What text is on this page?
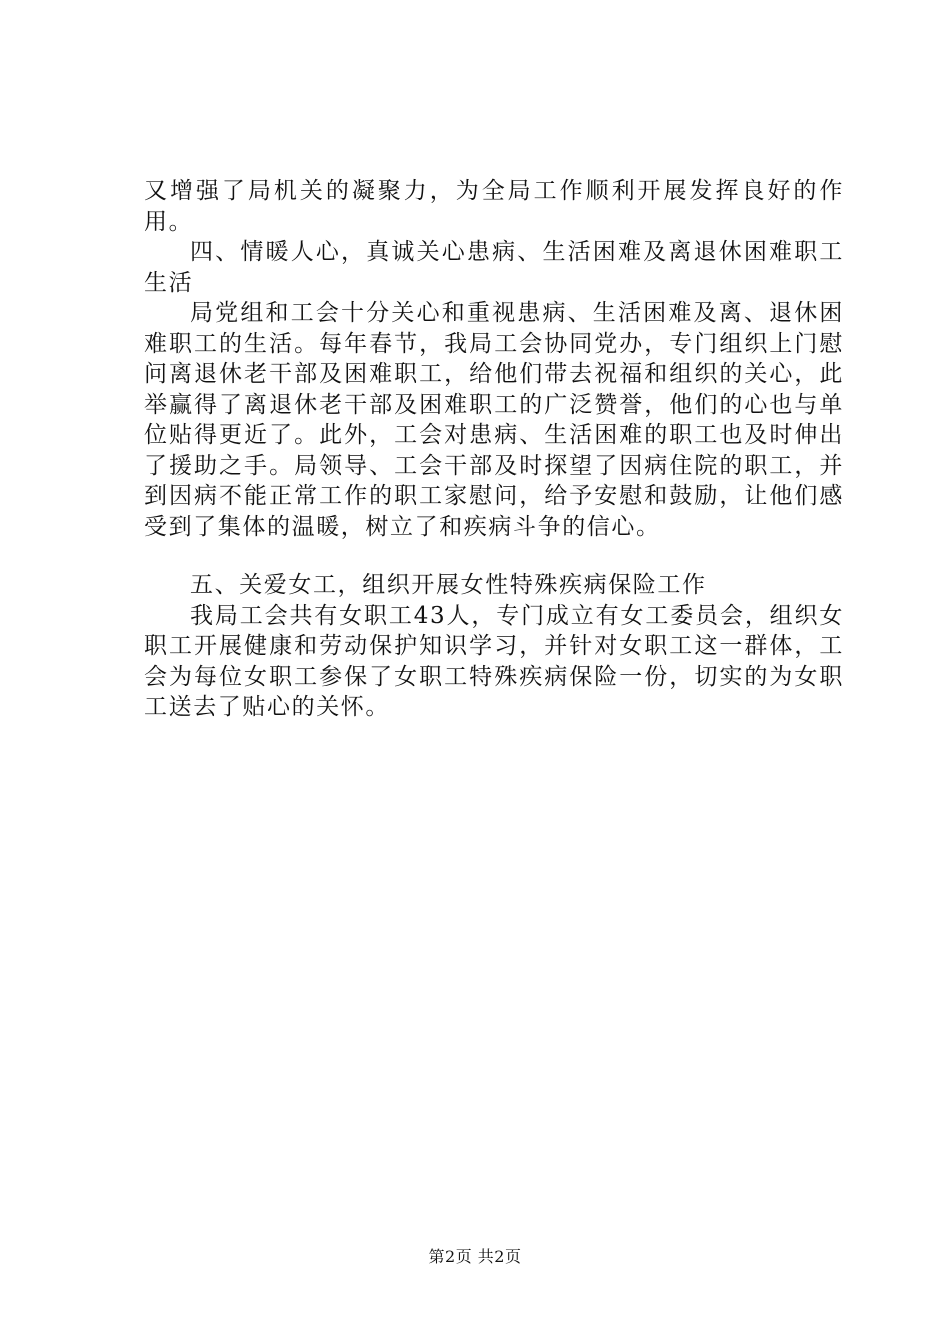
又增强了局机关的凝聚力，为全局工作顺利开展发挥良好的作用。

四、情暖人心，真诚关心患病、生活困难及离退休困难职工生活

局党组和工会十分关心和重视患病、生活困难及离、退休困难职工的生活。每年春节，我局工会协同党办，专门组织上门慰问离退休老干部及困难职工，给他们带去祝福和组织的关心，此举赢得了离退休老干部及困难职工的广泛赞誉，他们的心也与单位贴得更近了。此外，工会对患病、生活困难的职工也及时伸出了援助之手。局领导、工会干部及时探望了因病住院的职工，并到因病不能正常工作的职工家慰问，给予安慰和鼓励，让他们感受到了集体的温暖，树立了和疾病斗争的信心。

五、关爱女工，组织开展女性特殊疾病保险工作

我局工会共有女职工43人，专门成立有女工委员会，组织女职工开展健康和劳动保护知识学习，并针对女职工这一群体，工会为每位女职工参保了女职工特殊疾病保险一份，切实的为女职工送去了贴心的关怀。

第2页 共2页
